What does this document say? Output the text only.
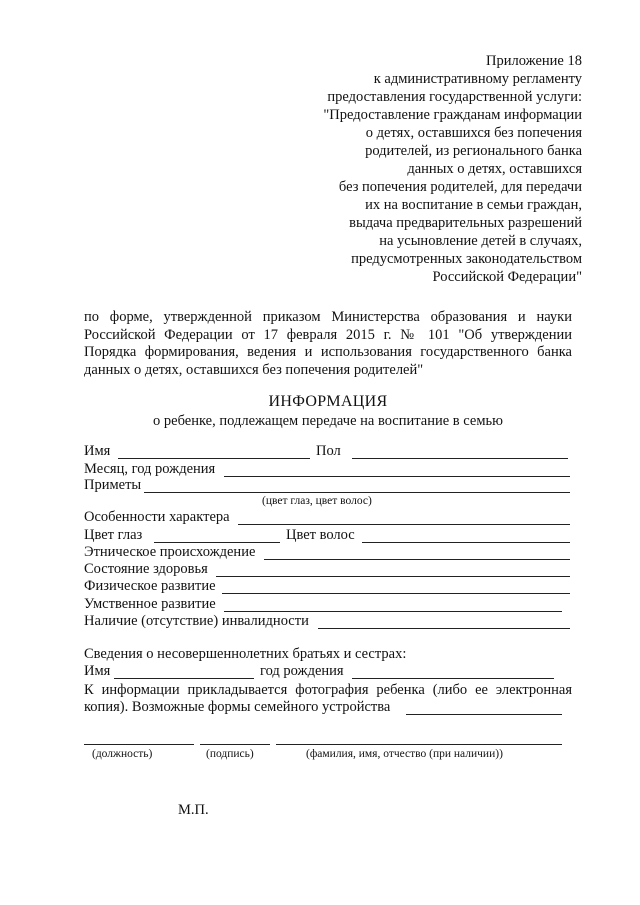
Приложение 18
к административному регламенту
предоставления государственной услуги:
"Предоставление гражданам информации
о детях, оставшихся без попечения
родителей, из регионального банка
данных о детях, оставшихся
без попечения родителей, для передачи
их на воспитание в семьи граждан,
выдача предварительных разрешений
на усыновление детей в случаях,
предусмотренных законодательством
Российской Федерации"
по форме, утвержденной приказом Министерства образования и науки
Российской Федерации от 17 февраля 2015 г. № 101 "Об утверждении
Порядка формирования, ведения и использования государственного банка
данных о детях, оставшихся без попечения родителей"
ИНФОРМАЦИЯ
о ребенке, подлежащем передаче на воспитание в семью
Имя	Пол
Месяц, год рождения
Приметы
(цвет глаз, цвет волос)
Особенности характера
Цвет глаз	Цвет волос
Этническое происхождение
Состояние здоровья
Физическое развитие
Умственное развитие
Наличие (отсутствие) инвалидности
Сведения о несовершеннолетних братьях и сестрах:
Имя	год рождения
К информации прикладывается фотография ребенка (либо ее электронная
копия). Возможные формы семейного устройства
(должность)	(подпись)	(фамилия, имя, отчество (при наличии))
М.П.
